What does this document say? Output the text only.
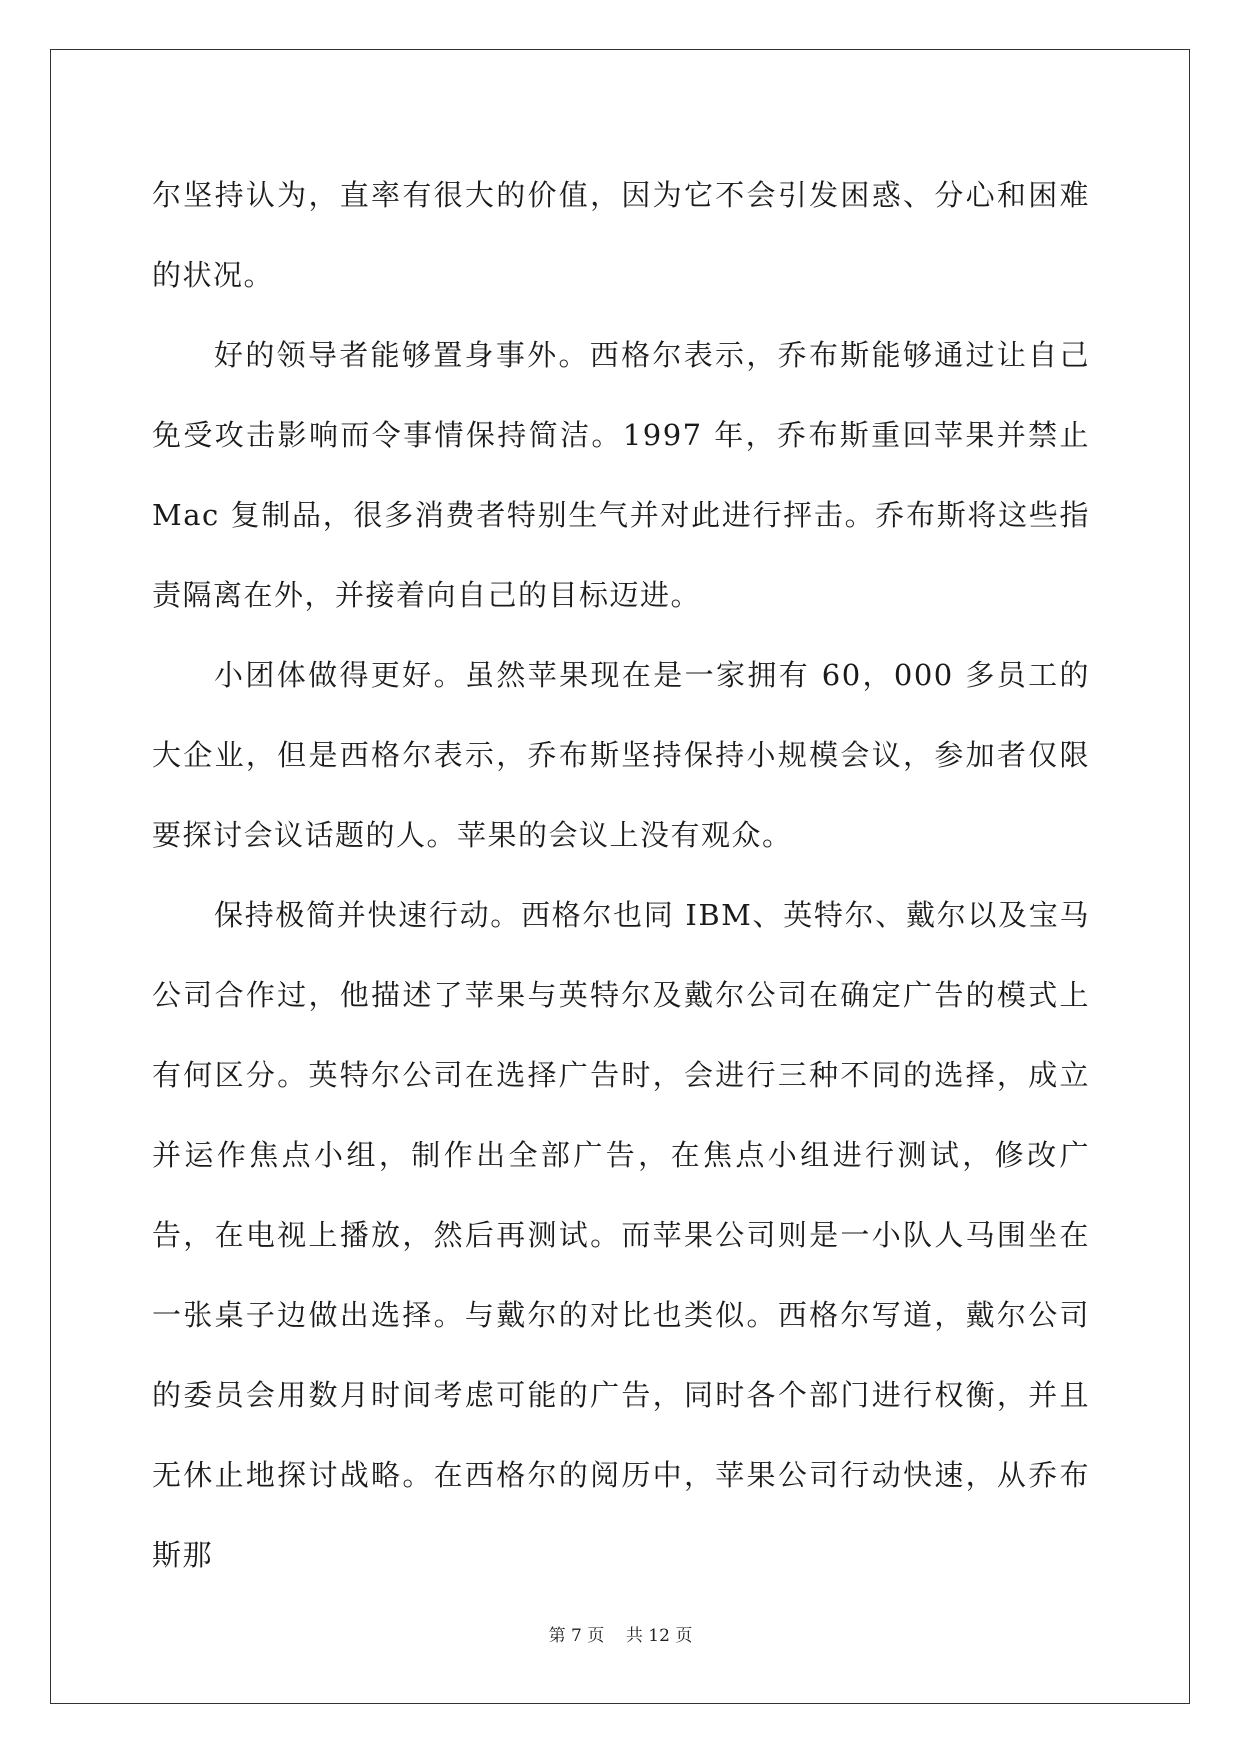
尔坚持认为，直率有很大的价值，因为它不会引发困惑、分心和困难的状况。

好的领导者能够置身事外。西格尔表示，乔布斯能够通过让自己免受攻击影响而令事情保持简洁。1997 年，乔布斯重回苹果并禁止 Mac 复制品，很多消费者特别生气并对此进行抨击。乔布斯将这些指责隔离在外，并接着向自己的目标迈进。

小团体做得更好。虽然苹果现在是一家拥有 60，000 多员工的大企业，但是西格尔表示，乔布斯坚持保持小规模会议，参加者仅限要探讨会议话题的人。苹果的会议上没有观众。

保持极简并快速行动。西格尔也同 IBM、英特尔、戴尔以及宝马公司合作过，他描述了苹果与英特尔及戴尔公司在确定广告的模式上有何区分。英特尔公司在选择广告时，会进行三种不同的选择，成立并运作焦点小组，制作出全部广告，在焦点小组进行测试，修改广告，在电视上播放，然后再测试。而苹果公司则是一小队人马围坐在一张桌子边做出选择。与戴尔的对比也类似。西格尔写道，戴尔公司的委员会用数月时间考虑可能的广告，同时各个部门进行权衡，并且无休止地探讨战略。在西格尔的阅历中，苹果公司行动快速，从乔布斯那

第 7 页    共 12 页
